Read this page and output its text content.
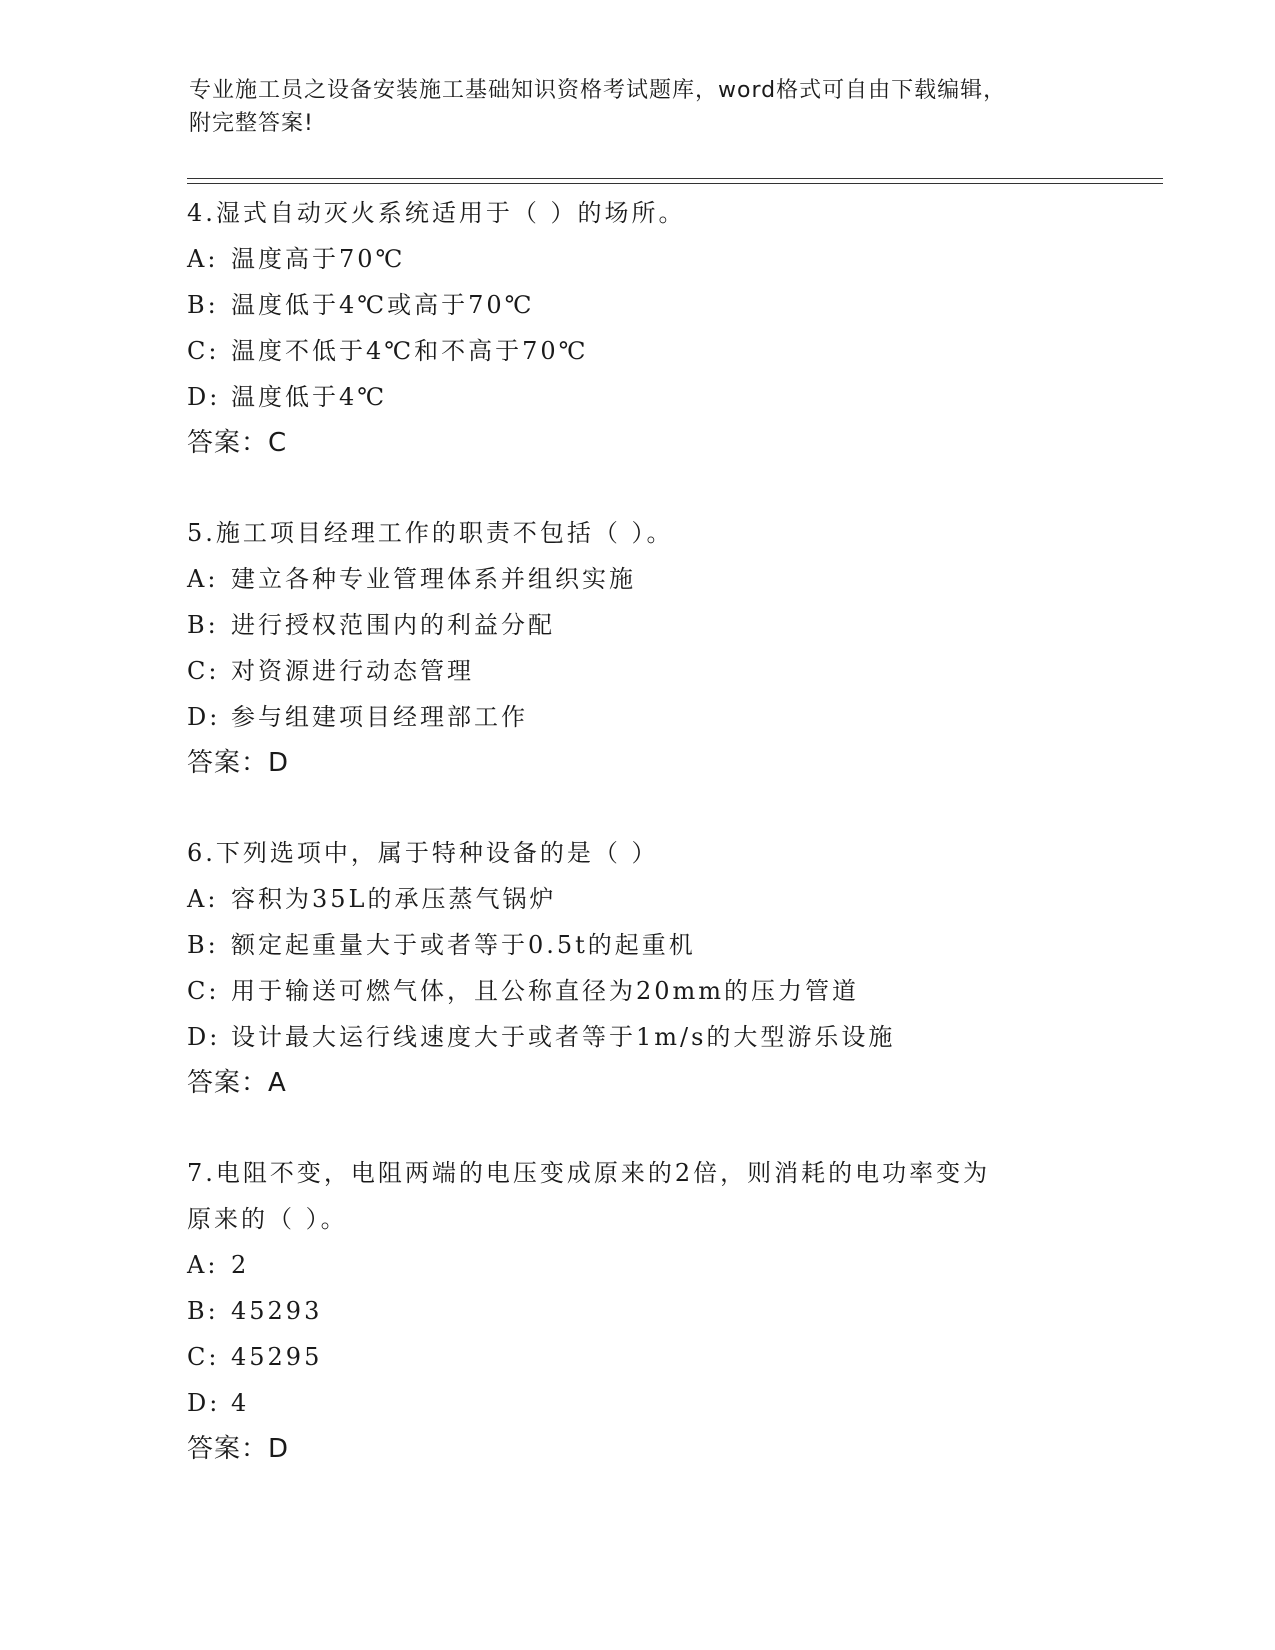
专业施工员之设备安装施工基础知识资格考试题库，word格式可自由下载编辑，
附完整答案!
4.湿式自动灭火系统适用于（ ）的场所。
A: 温度高于70℃
B: 温度低于4℃或高于70℃
C: 温度不低于4℃和不高于70℃
D: 温度低于4℃
答案：C
5.施工项目经理工作的职责不包括（ ）。
A: 建立各种专业管理体系并组织实施
B: 进行授权范围内的利益分配
C: 对资源进行动态管理
D: 参与组建项目经理部工作
答案：D
6.下列选项中，属于特种设备的是（ ）
A: 容积为35L的承压蒸气锅炉
B: 额定起重量大于或者等于0.5t的起重机
C: 用于输送可燃气体，且公称直径为20mm的压力管道
D: 设计最大运行线速度大于或者等于1m/s的大型游乐设施
答案：A
7.电阻不变，电阻两端的电压变成原来的2倍，则消耗的电功率变为
原来的（ ）。
A: 2
B: 45293
C: 45295
D: 4
答案：D
